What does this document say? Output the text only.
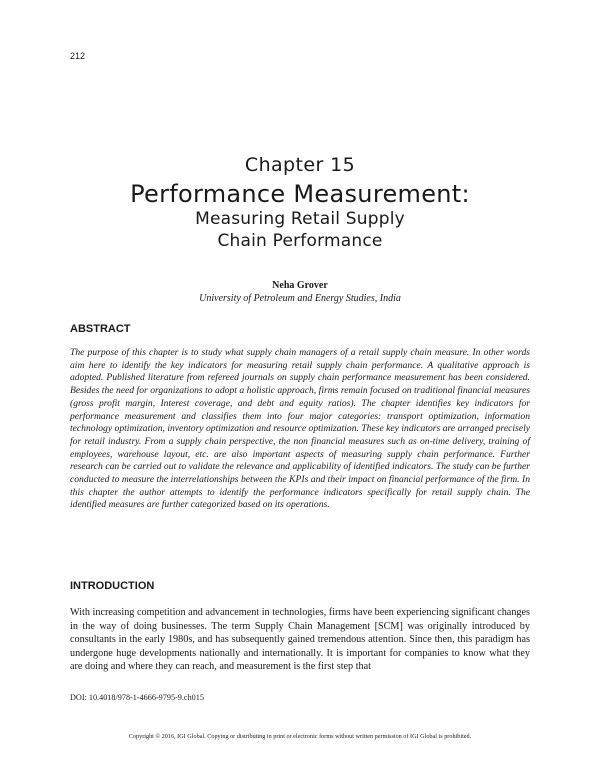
212
Chapter 15
Performance Measurement:
Measuring Retail Supply Chain Performance
Neha Grover
University of Petroleum and Energy Studies, India
ABSTRACT

The purpose of this chapter is to study what supply chain managers of a retail supply chain measure. In other words aim here to identify the key indicators for measuring retail supply chain performance. A qualitative approach is adopted. Published literature from refereed journals on supply chain performance measurement has been considered. Besides the need for organizations to adopt a holistic approach, firms remain focused on traditional financial measures (gross profit margin, Interest coverage, and debt and equity ratios). The chapter identifies key indicators for performance measurement and classifies them into four major categories: transport optimization, information technology optimization, inventory optimization and resource optimization. These key indicators are arranged precisely for retail industry. From a supply chain perspective, the non financial measures such as on-time delivery, training of employees, warehouse layout, etc. are also important aspects of measuring supply chain performance. Further research can be carried out to validate the relevance and applicability of identified indicators. The study can be further conducted to measure the interrelationships between the KPIs and their impact on financial performance of the firm. In this chapter the author attempts to identify the performance indicators specifically for retail supply chain. The identified measures are further categorized based on its operations.

INTRODUCTION

With increasing competition and advancement in technologies, firms have been experiencing significant changes in the way of doing businesses. The term Supply Chain Management [SCM] was originally introduced by consultants in the early 1980s, and has subsequently gained tremendous attention. Since then, this paradigm has undergone huge developments nationally and internationally. It is important for companies to know what they are doing and where they can reach, and measurement is the first step that

DOI: 10.4018/978-1-4666-9795-9.ch015
Copyright © 2016, IGI Global. Copying or distributing in print or electronic forms without written permission of IGI Global is prohibited.
